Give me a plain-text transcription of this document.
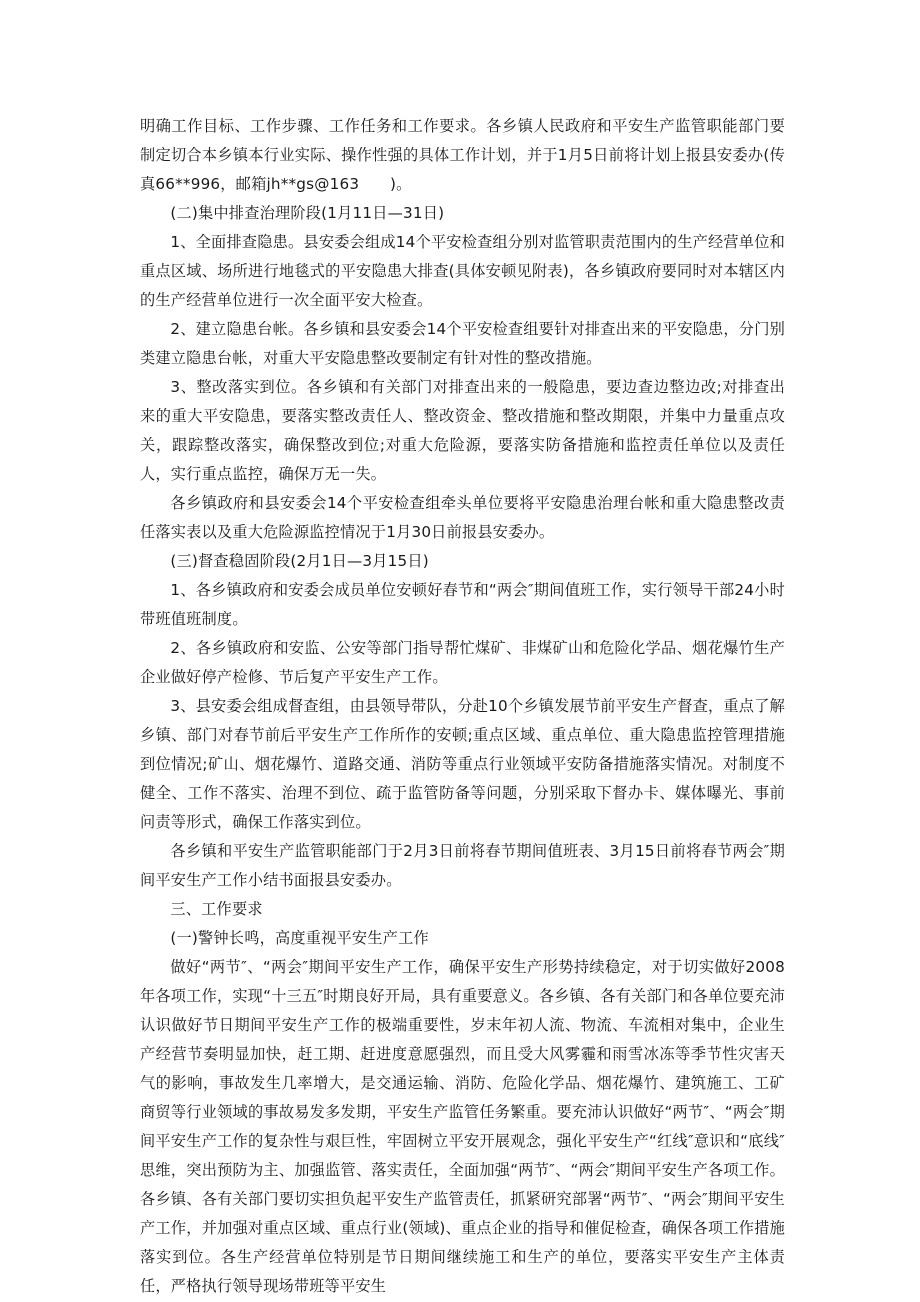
明确工作目标、工作步骤、工作任务和工作要求。各乡镇人民政府和平安生产监管职能部门要制定切合本乡镇本行业实际、操作性强的具体工作计划，并于1月5日前将计划上报县安委办(传真66**996，邮箱jh**gs@163　　)。

(二)集中排查治理阶段(1月11日—31日)

1、全面排查隐患。县安委会组成14个平安检查组分别对监管职责范围内的生产经营单位和重点区域、场所进行地毯式的平安隐患大排查(具体安顿见附表)，各乡镇政府要同时对本辖区内的生产经营单位进行一次全面平安大检查。

2、建立隐患台帐。各乡镇和县安委会14个平安检查组要针对排查出来的平安隐患，分门别类建立隐患台帐，对重大平安隐患整改要制定有针对性的整改措施。

3、整改落实到位。各乡镇和有关部门对排查出来的一般隐患，要边查边整边改;对排查出来的重大平安隐患，要落实整改责任人、整改资金、整改措施和整改期限，并集中力量重点攻关，跟踪整改落实，确保整改到位;对重大危险源，要落实防备措施和监控责任单位以及责任人，实行重点监控，确保万无一失。

各乡镇政府和县安委会14个平安检查组牵头单位要将平安隐患治理台帐和重大隐患整改责任落实表以及重大危险源监控情况于1月30日前报县安委办。

(三)督查稳固阶段(2月1日—3月15日)

1、各乡镇政府和安委会成员单位安顿好春节和“两会″期间值班工作，实行领导干部24小时带班值班制度。

2、各乡镇政府和安监、公安等部门指导帮忙煤矿、非煤矿山和危险化学品、烟花爆竹生产企业做好停产检修、节后复产平安生产工作。

3、县安委会组成督查组，由县领导带队，分赴10个乡镇发展节前平安生产督查，重点了解乡镇、部门对春节前后平安生产工作所作的安顿;重点区域、重点单位、重大隐患监控管理措施到位情况;矿山、烟花爆竹、道路交通、消防等重点行业领域平安防备措施落实情况。对制度不健全、工作不落实、治理不到位、疏于监管防备等问题，分别采取下督办卡、媒体曝光、事前问责等形式，确保工作落实到位。

各乡镇和平安生产监管职能部门于2月3日前将春节期间值班表、3月15日前将春节两会″期间平安生产工作小结书面报县安委办。

三、工作要求

(一)警钟长鸣，高度重视平安生产工作

做好“两节″、“两会″期间平安生产工作，确保平安生产形势持续稳定，对于切实做好2008年各项工作，实现“十三五″时期良好开局，具有重要意义。各乡镇、各有关部门和各单位要充沛认识做好节日期间平安生产工作的极端重要性，岁末年初人流、物流、车流相对集中，企业生产经营节奏明显加快，赶工期、赶进度意愿强烈，而且受大风雾霾和雨雪冰冻等季节性灾害天气的影响，事故发生几率增大，是交通运输、消防、危险化学品、烟花爆竹、建筑施工、工矿商贸等行业领域的事故易发多发期，平安生产监管任务繁重。要充沛认识做好“两节″、“两会″期间平安生产工作的复杂性与艰巨性，牢固树立平安开展观念，强化平安生产“红线″意识和“底线″思维，突出预防为主、加强监管、落实责任，全面加强“两节″、“两会″期间平安生产各项工作。各乡镇、各有关部门要切实担负起平安生产监管责任，抓紧研究部署“两节″、“两会″期间平安生产工作，并加强对重点区域、重点行业(领域)、重点企业的指导和催促检查，确保各项工作措施落实到位。各生产经营单位特别是节日期间继续施工和生产的单位，要落实平安生产主体责任，严格执行领导现场带班等平安生
